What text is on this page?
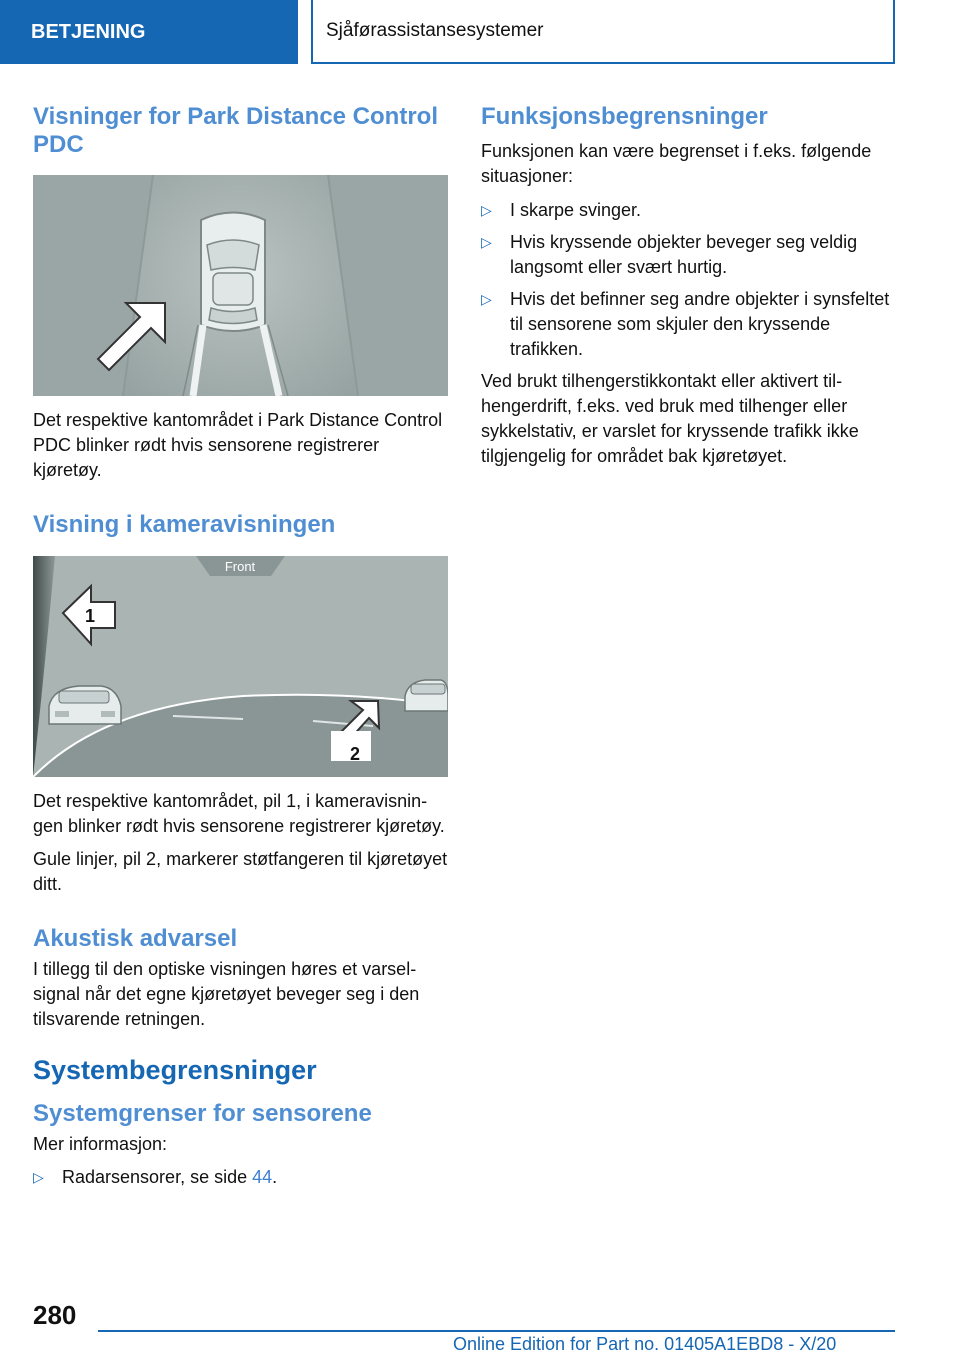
BETJENING	Sjåførassistansesystemer
Visninger for Park Distance Control PDC

Det respektive kantområdet i Park Distance Control PDC blinker rødt hvis sensorene registrerer kjøretøy.

Visning i kameravisningen
Front
1
2

Det respektive kantområdet, pil 1, i kameravisningen blinker rødt hvis sensorene registrerer kjøretøy.

Gule linjer, pil 2, markerer støtfangeren til kjøretøyet ditt.

Akustisk advarsel

I tillegg til den optiske visningen høres et varselsignal når det egne kjøretøyet beveger seg i den tilsvarende retningen.

Systembegrensninger
Systemgrenser for sensorene

Mer informasjon:

▷ Radarsensorer, se side 44.
Funksjonsbegrensninger

Funksjonen kan være begrenset i f.eks. følgende situasjoner:

▷ I skarpe svinger.
▷ Hvis kryssende objekter beveger seg veldig langsomt eller svært hurtig.
▷ Hvis det befinner seg andre objekter i synsfeltet til sensorene som skjuler den kryssende trafikken.

Ved brukt tilhengerstikkontakt eller aktivert tilhengerdrift, f.eks. ved bruk med tilhenger eller sykkelstativ, er varslet for kryssende trafikk ikke tilgjengelig for området bak kjøretøyet.

280
Online Edition for Part no. 01405A1EBD8 - X/20
